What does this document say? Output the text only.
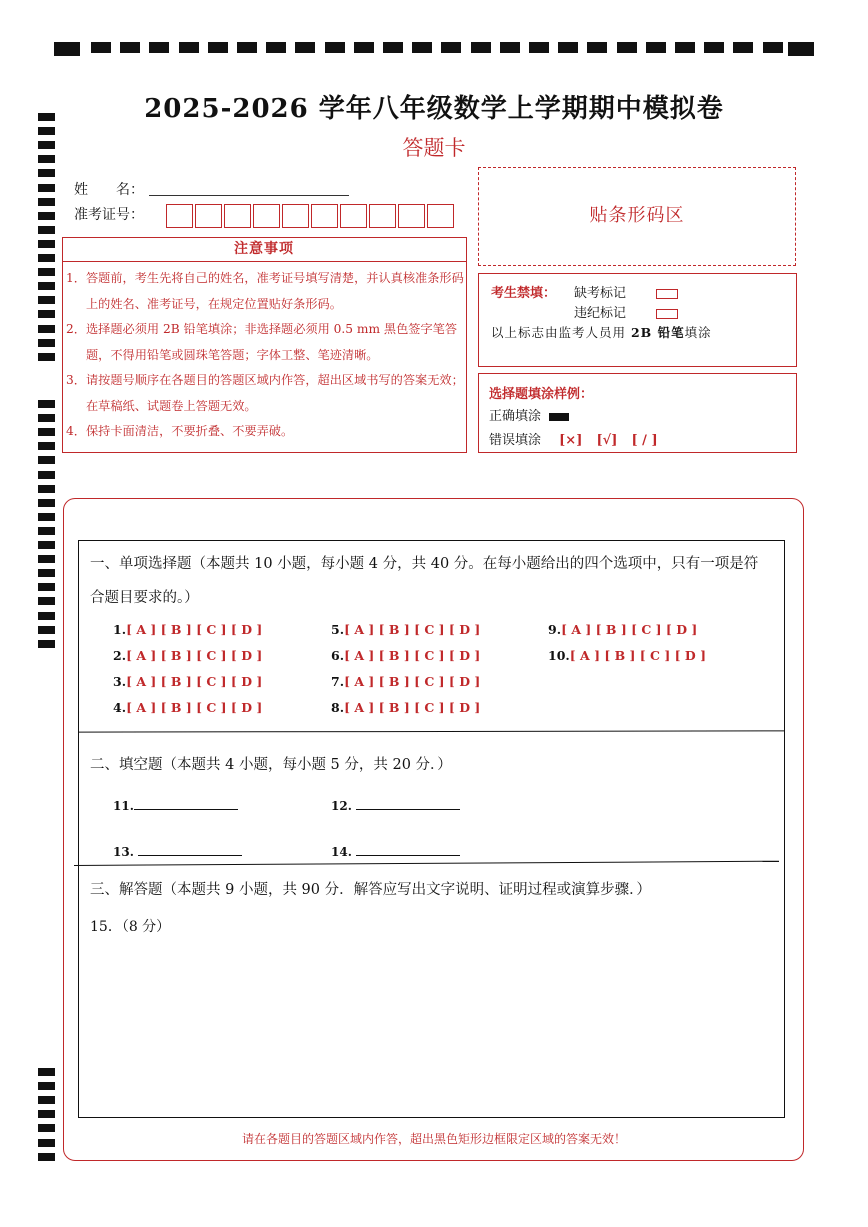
2025-2026 学年八年级数学上学期期中模拟卷
答题卡
姓　　名：
准考证号：
注意事项
1．答题前，考生先将自己的姓名，准考证号填写清楚，并认真核准条形码上的姓名、准考证号，在规定位置贴好条形码。
2．选择题必须用 2B 铅笔填涂；非选择题必须用 0.5 mm 黑色签字笔答题，不得用铅笔或圆珠笔答题；字体工整、笔迹清晰。
3．请按题号顺序在各题目的答题区域内作答，超出区域书写的答案无效；在草稿纸、试题卷上答题无效。
4．保持卡面清洁，不要折叠、不要弄破。
贴条形码区
考生禁填： 缺考标记
违纪标记
以上标志由监考人员用 2B 铅笔填涂
选择题填涂样例：
正确填涂
错误填涂 [×] [√] [ / ]
一、单项选择题（本题共 10 小题，每小题 4 分，共 40 分。在每小题给出的四个选项中，只有一项是符
合题目要求的。）
1.[ A ] [ B ] [ C ] [ D ]
2.[ A ] [ B ] [ C ] [ D ]
3.[ A ] [ B ] [ C ] [ D ]
4.[ A ] [ B ] [ C ] [ D ]
5.[ A ] [ B ] [ C ] [ D ]
6.[ A ] [ B ] [ C ] [ D ]
7.[ A ] [ B ] [ C ] [ D ]
8.[ A ] [ B ] [ C ] [ D ]
9.[ A ] [ B ] [ C ] [ D ]
10.[ A ] [ B ] [ C ] [ D ]
二、填空题（本题共 4 小题，每小题 5 分，共 20 分．）
11.	12.
13.	14.
三、解答题（本题共 9 小题，共 90 分．解答应写出文字说明、证明过程或演算步骤．）
15．（8 分）
请在各题目的答题区域内作答，超出黑色矩形边框限定区域的答案无效！
